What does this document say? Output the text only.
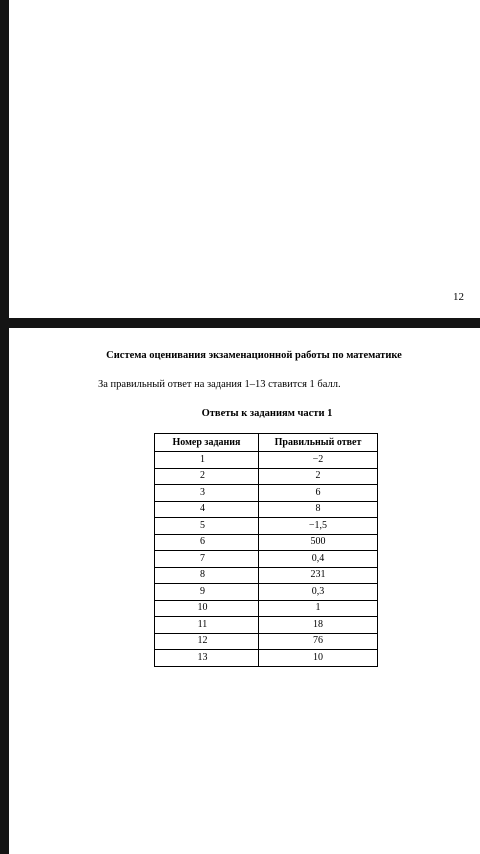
12
Система оценивания экзаменационной работы по математике
За правильный ответ на задания 1–13 ставится 1 балл.
Ответы к заданиям части 1
Номер задания	Правильный ответ
1	−2
2	2
3	6
4	8
5	−1,5
6	500
7	0,4
8	231
9	0,3
10	1
11	18
12	76
13	10
